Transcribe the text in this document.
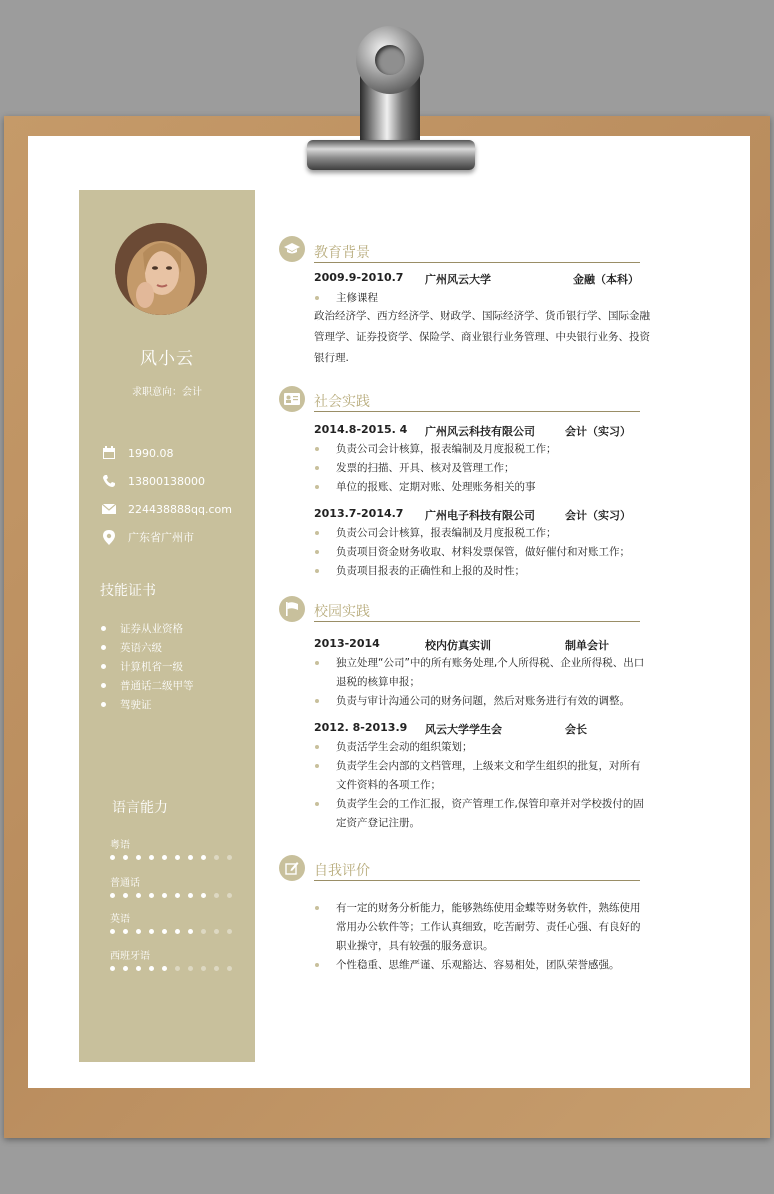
风小云
求职意向：会计
1990.08
13800138000
224438888qq.com
广东省广州市
技能证书
证券从业资格
英语六级
计算机省一级
普通话二级甲等
驾驶证
语言能力
粤语
普通话
英语
西班牙语
教育背景
2009.9-2010.7 广州风云大学	金融（本科）
主修课程
政治经济学、西方经济学、财政学、国际经济学、货币银行学、国际金融管理学、证券投资学、保险学、商业银行业务管理、中央银行业务、投资银行理.
社会实践
2014.8-2015. 4 广州风云科技有限公司	会计（实习）
负责公司会计核算，报表编制及月度报税工作；
发票的扫描、开具、核对及管理工作；
单位的报账、定期对账、处理账务相关的事
2013.7-2014.7 广州电子科技有限公司	会计（实习）
负责公司会计核算，报表编制及月度报税工作；
负责项目资金财务收取、材料发票保管，做好催付和对账工作；
负责项目报表的正确性和上报的及时性；
校园实践
2013-2014	校内仿真实训	制单会计
独立处理“公司”中的所有账务处理,个人所得税、企业所得税、出口退税的核算申报；
负责与审计沟通公司的财务问题，然后对账务进行有效的调整。
2012. 8-2013.9 风云大学学生会	会长
负责活学生会动的组织策划；
负责学生会内部的文档管理，上级来文和学生组织的批复，对所有文件资料的各项工作；
负责学生会的工作汇报，资产管理工作,保管印章并对学校拨付的固定资产登记注册。
自我评价
有一定的财务分析能力，能够熟练使用金蝶等财务软件，熟练使用常用办公软件等；工作认真细致，吃苦耐劳、责任心强、有良好的职业操守，具有较强的服务意识。
个性稳重、思维严谨、乐观豁达、容易相处，团队荣誉感强。
